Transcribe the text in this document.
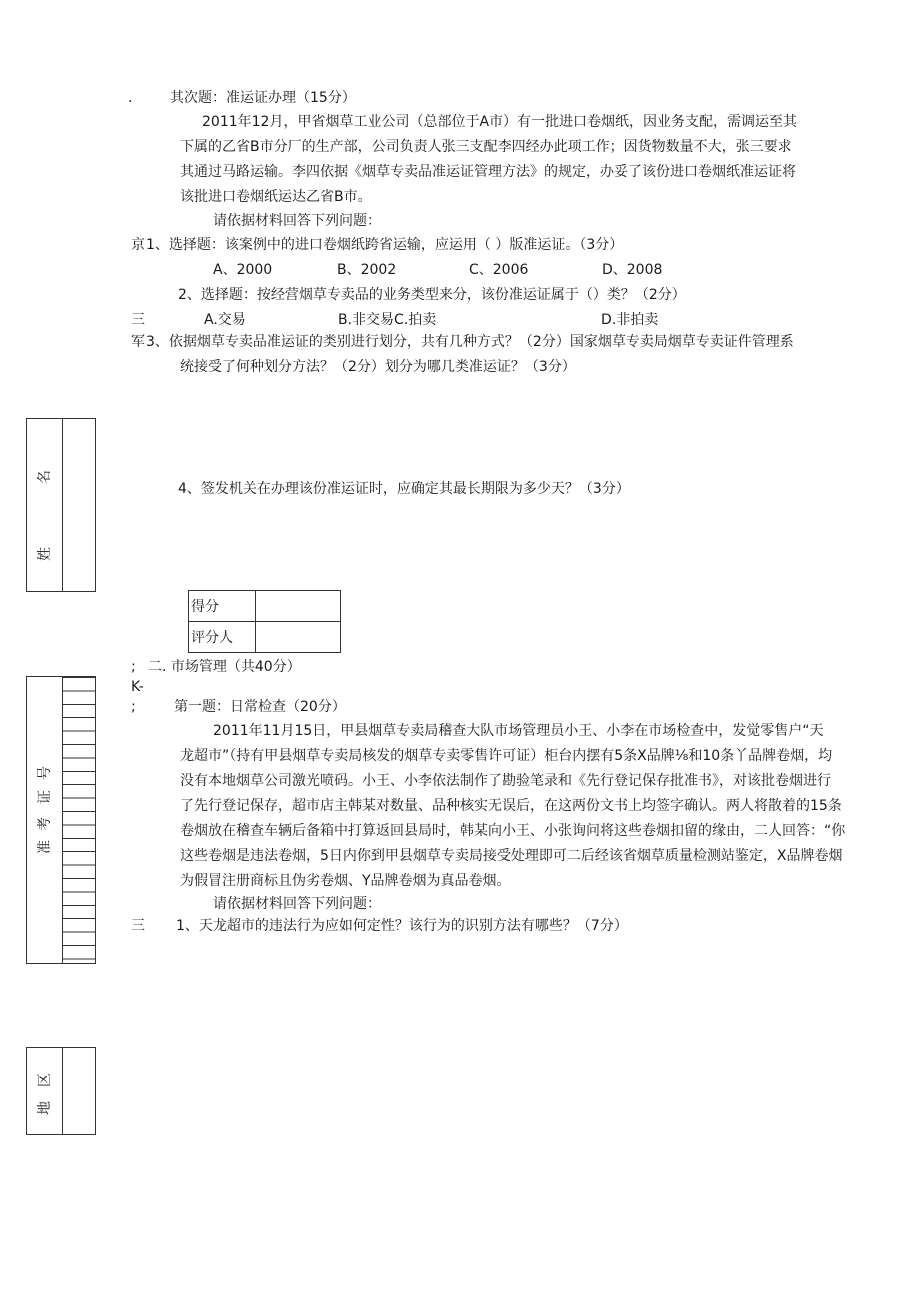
.	其次题：准运证办理（15分）

2011年12月，甲省烟草工业公司（总部位于A市）有一批进口卷烟纸，因业务支配，需调运至其

下属的乙省B市分厂的生产部，公司负责人张三支配李四经办此项工作；因货物数量不大，张三要求

其通过马路运输。李四依据《烟草专卖品准运证管理方法》的规定，办妥了该份进口卷烟纸准运证将

该批进口卷烟纸运达乙省B市。

请依据材料回答下列问题：
京 1、选择题：该案例中的进口卷烟纸跨省运输，应运用（ ）版准运证。（3分）
A、2000	B、2002	C、2006	D、2008
2、选择题：按经营烟草专卖品的业务类型来分，该份准运证属于（）类？（2分）
三	A.交易	B.非交易C.拍卖	D.非拍卖
军 3、依据烟草专卖品准运证的类别进行划分，共有几种方式？（2分）国家烟草专卖局烟草专卖证件管理系
统接受了何种划分方法？（2分）划分为哪几类准运证？（3分）
4、签发机关在办理该份准运证时，应确定其最长期限为多少天？（3分）
得分	
评分人	
; 二. 市场管理（共40分）
K-
;	第一题：日常检查（20分）

2011年11月15日，甲县烟草专卖局稽查大队市场管理员小王、小李在市场检查中，发觉零售户“天

龙超市”（持有甲县烟草专卖局核发的烟草专卖零售许可证）柜台内摆有5条X品牌⅛和10条丫品牌卷烟，均

没有本地烟草公司激光喷码。小王、小李依法制作了勘验笔录和《先行登记保存批准书》，对该批卷烟进行

了先行登记保存，超市店主韩某对数量、品种核实无误后，在这两份文书上均签字确认。两人将散着的15条

卷烟放在稽查车辆后备箱中打算返回县局时，韩某向小王、小张询问将这些卷烟扣留的缘由，二人回答：“你

这些卷烟是违法卷烟，5日内你到甲县烟草专卖局接受处理即可二后经该省烟草质量检测站鉴定，X品牌卷烟

为假冒注册商标且伪劣卷烟、Y品牌卷烟为真品卷烟。

请依据材料回答下列问题：
三 1、天龙超市的违法行为应如何定性？该行为的识别方法有哪些？（7分）
名
姓
号
证
考
准
区
地
